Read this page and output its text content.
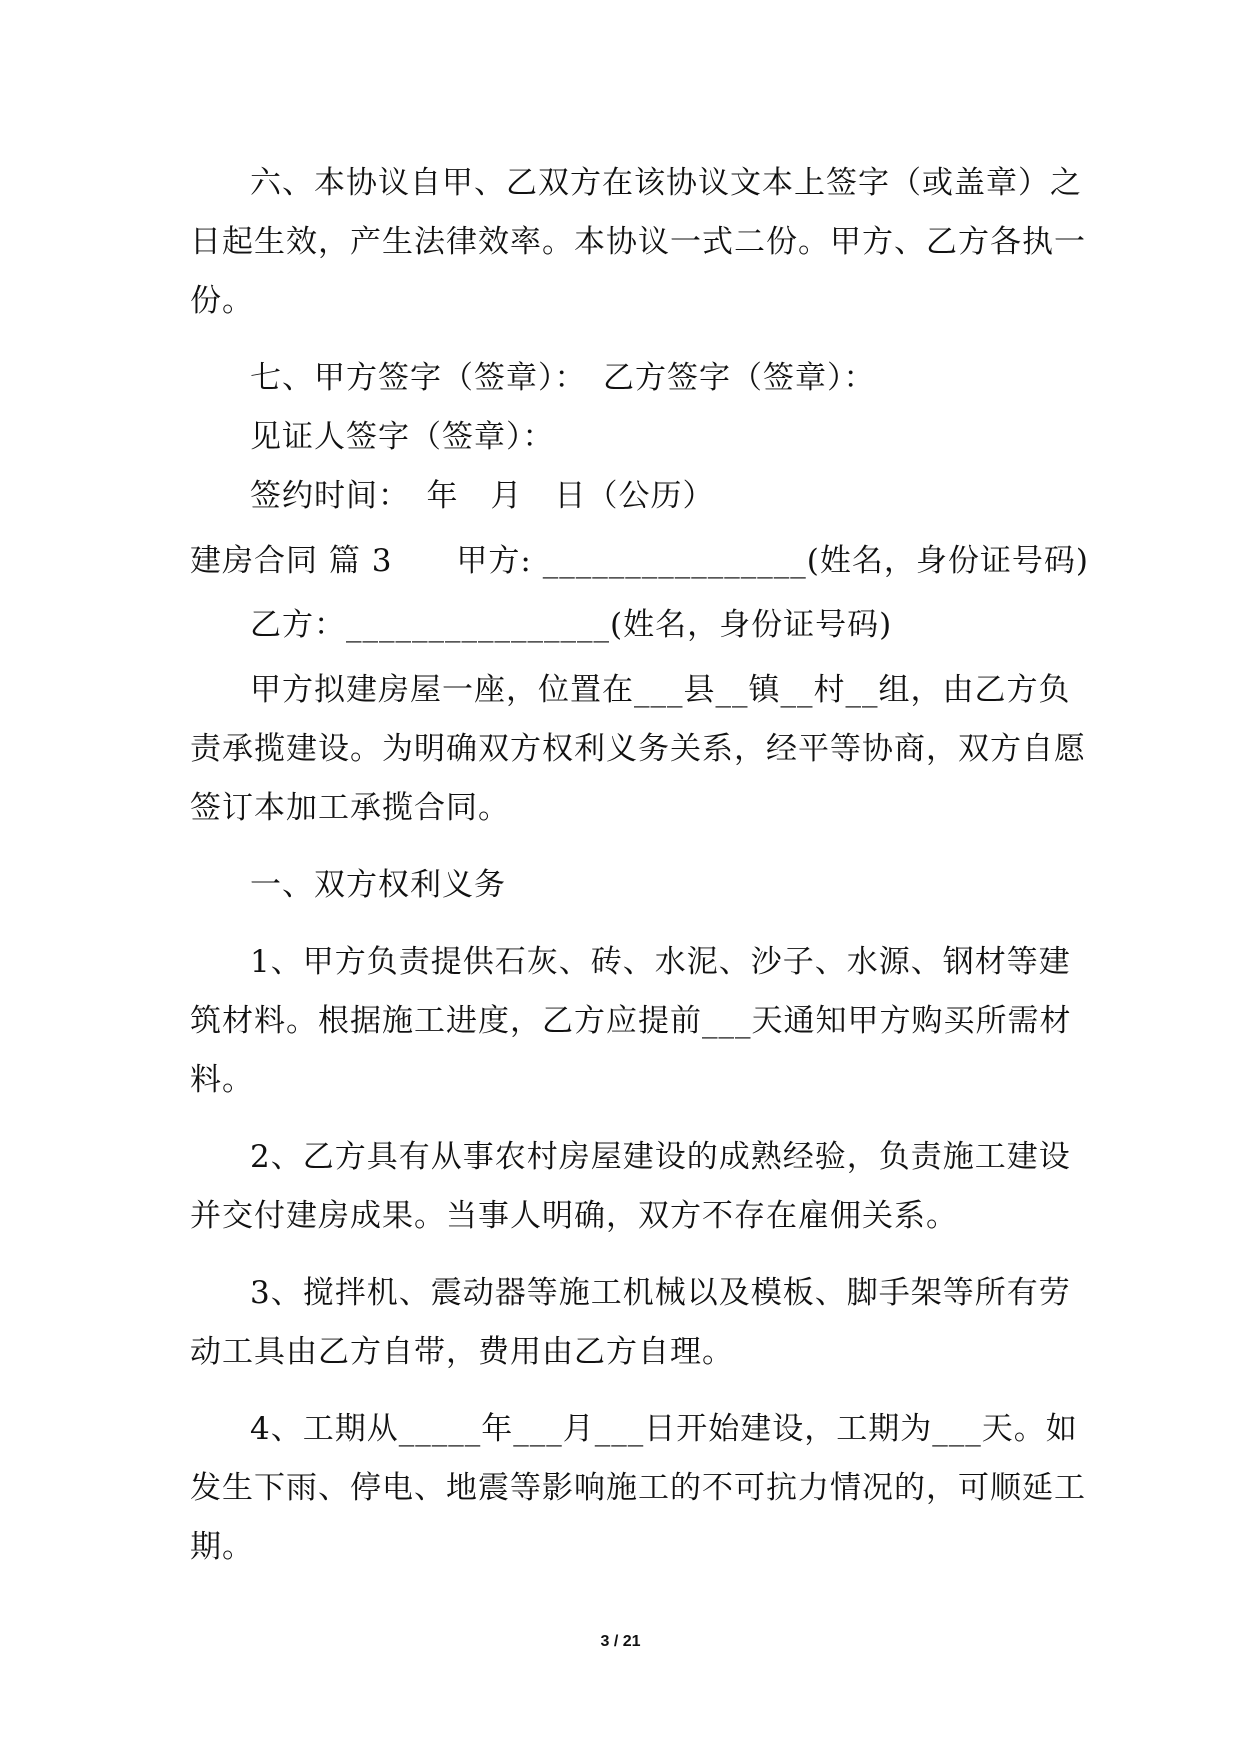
六、本协议自甲、乙双方在该协议文本上签字（或盖章）之
日起生效，产生法律效率。本协议一式二份。甲方、乙方各执一
份。
七、甲方签字（签章）：　乙方签字（签章）：
见证人签字（签章）：
签约时间：　年　月　日（公历）
建房合同 篇 3　　甲方: ________________(姓名，身份证号码)
乙方：________________(姓名，身份证号码)
甲方拟建房屋一座，位置在___县__镇__村__组，由乙方负
责承揽建设。为明确双方权利义务关系，经平等协商，双方自愿
签订本加工承揽合同。
一、双方权利义务
1、甲方负责提供石灰、砖、水泥、沙子、水源、钢材等建
筑材料。根据施工进度，乙方应提前___天通知甲方购买所需材
料。
2、乙方具有从事农村房屋建设的成熟经验，负责施工建设
并交付建房成果。当事人明确，双方不存在雇佣关系。
3、搅拌机、震动器等施工机械以及模板、脚手架等所有劳
动工具由乙方自带，费用由乙方自理。
4、工期从_____年___月___日开始建设，工期为___天。如
发生下雨、停电、地震等影响施工的不可抗力情况的，可顺延工
期。
3 / 21
